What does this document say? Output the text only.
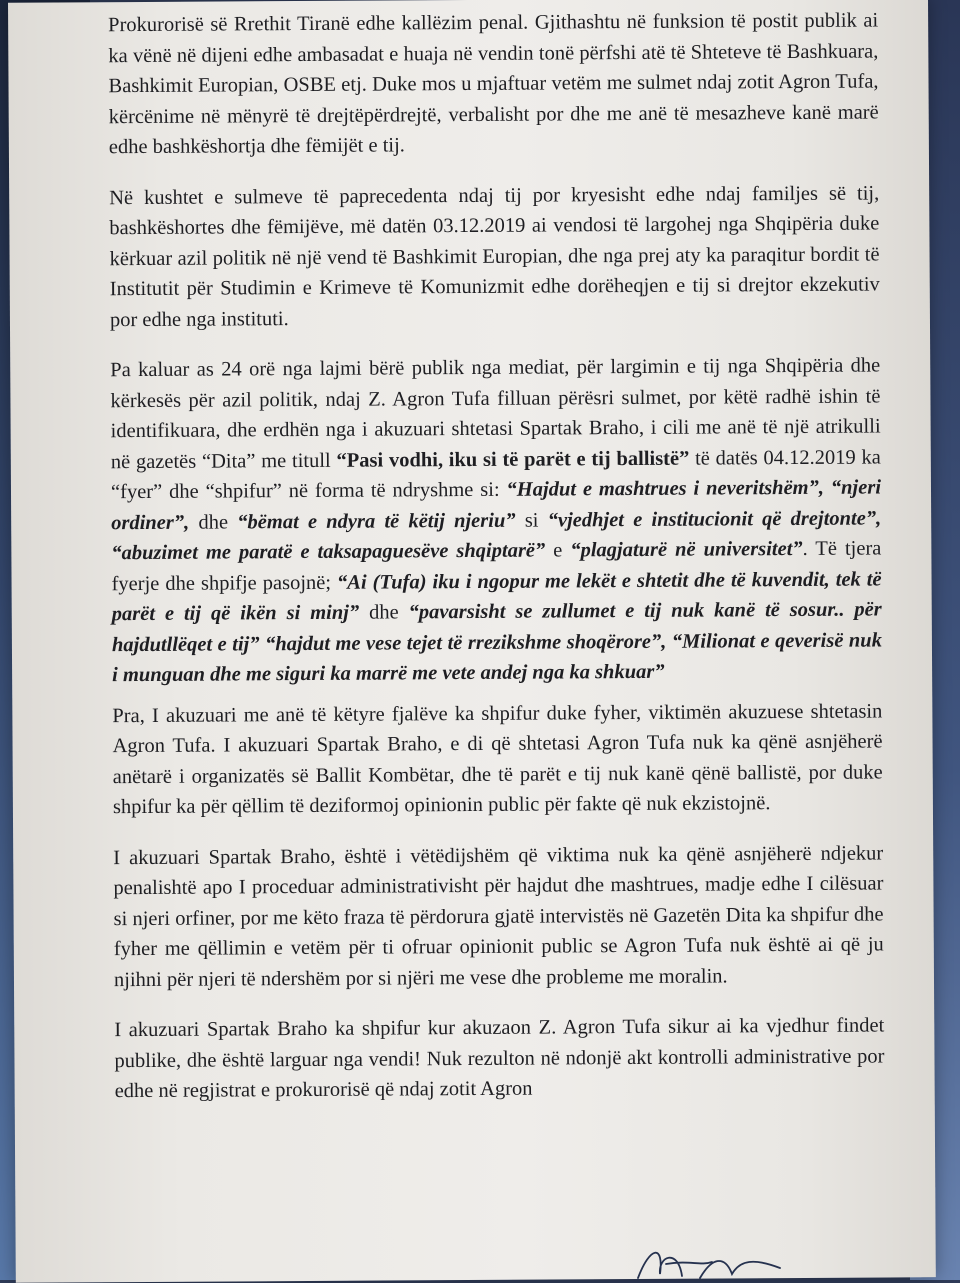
Prokurorisë së Rrethit Tiranë edhe kallëzim penal. Gjithashtu në funksion të postit publik ai ka vënë në dijeni edhe ambasadat e huaja në vendin tonë përfshi atë të Shteteve të Bashkuara, Bashkimit Europian, OSBE etj. Duke mos u mjaftuar vetëm me sulmet ndaj zotit Agron Tufa, kërcënime në mënyrë të drejtëpërdrejtë, verbalisht por dhe me anë të mesazheve kanë marë edhe bashkëshortja dhe fëmijët e tij.

Në kushtet e sulmeve të paprecedenta ndaj tij por kryesisht edhe ndaj familjes së tij, bashkëshortes dhe fëmijëve, më datën 03.12.2019 ai vendosi të largohej nga Shqipëria duke kërkuar azil politik në një vend të Bashkimit Europian, dhe nga prej aty ka paraqitur bordit të Institutit për Studimin e Krimeve të Komunizmit edhe dorëheqjen e tij si drejtor ekzekutiv por edhe nga instituti.

Pa kaluar as 24 orë nga lajmi bërë publik nga mediat, për largimin e tij nga Shqipëria dhe kërkesës për azil politik, ndaj Z. Agron Tufa filluan përësri sulmet, por këtë radhë ishin të identifikuara, dhe erdhën nga i akuzuari shtetasi Spartak Braho, i cili me anë të një atrikulli në gazetës “Dita” me titull “Pasi vodhi, iku si të parët e tij ballistë” të datës 04.12.2019 ka “fyer” dhe “shpifur” në forma të ndryshme si: “Hajdut e mashtrues i neveritshëm”, “njeri ordiner”, dhe “bëmat e ndyra të këtij njeriu” si “vjedhjet e institucionit që drejtonte”, “abuzimet me paratë e taksapaguesëve shqiptarë” e “plagjaturë në universitet”. Të tjera fyerje dhe shpifje pasojnë; “Ai (Tufa) iku i ngopur me lekët e shtetit dhe të kuvendit, tek të parët e tij që ikën si minj” dhe “pavarsisht se zullumet e tij nuk kanë të sosur.. për hajdutllëqet e tij” “hajdut me vese tejet të rrezikshme shoqërore”, “Milionat e qeverisë nuk i munguan dhe me siguri ka marrë me vete andej nga ka shkuar”

Pra, I akuzuari me anë të këtyre fjalëve ka shpifur duke fyher, viktimën akuzuese shtetasin Agron Tufa. I akuzuari Spartak Braho, e di që shtetasi Agron Tufa nuk ka qënë asnjëherë anëtarë i organizatës së Ballit Kombëtar, dhe të parët e tij nuk kanë qënë ballistë, por duke shpifur ka për qëllim të deziformoj opinionin public për fakte që nuk ekzistojnë.

I akuzuari Spartak Braho, është i vëtëdijshëm që viktima nuk ka qënë asnjëherë ndjekur penalishtë apo I proceduar administrativisht për hajdut dhe mashtrues, madje edhe I cilësuar si njeri orfiner, por me këto fraza të përdorura gjatë intervistës në Gazetën Dita ka shpifur dhe fyher me qëllimin e vetëm për ti ofruar opinionit public se Agron Tufa nuk është ai që ju njihni për njeri të ndershëm por si njëri me vese dhe probleme me moralin.

I akuzuari Spartak Braho ka shpifur kur akuzaon Z. Agron Tufa sikur ai ka vjedhur findet publike, dhe është larguar nga vendi! Nuk rezulton në ndonjë akt kontrolli administrative por edhe në regjistrat e prokurorisë që ndaj zotit Agron
